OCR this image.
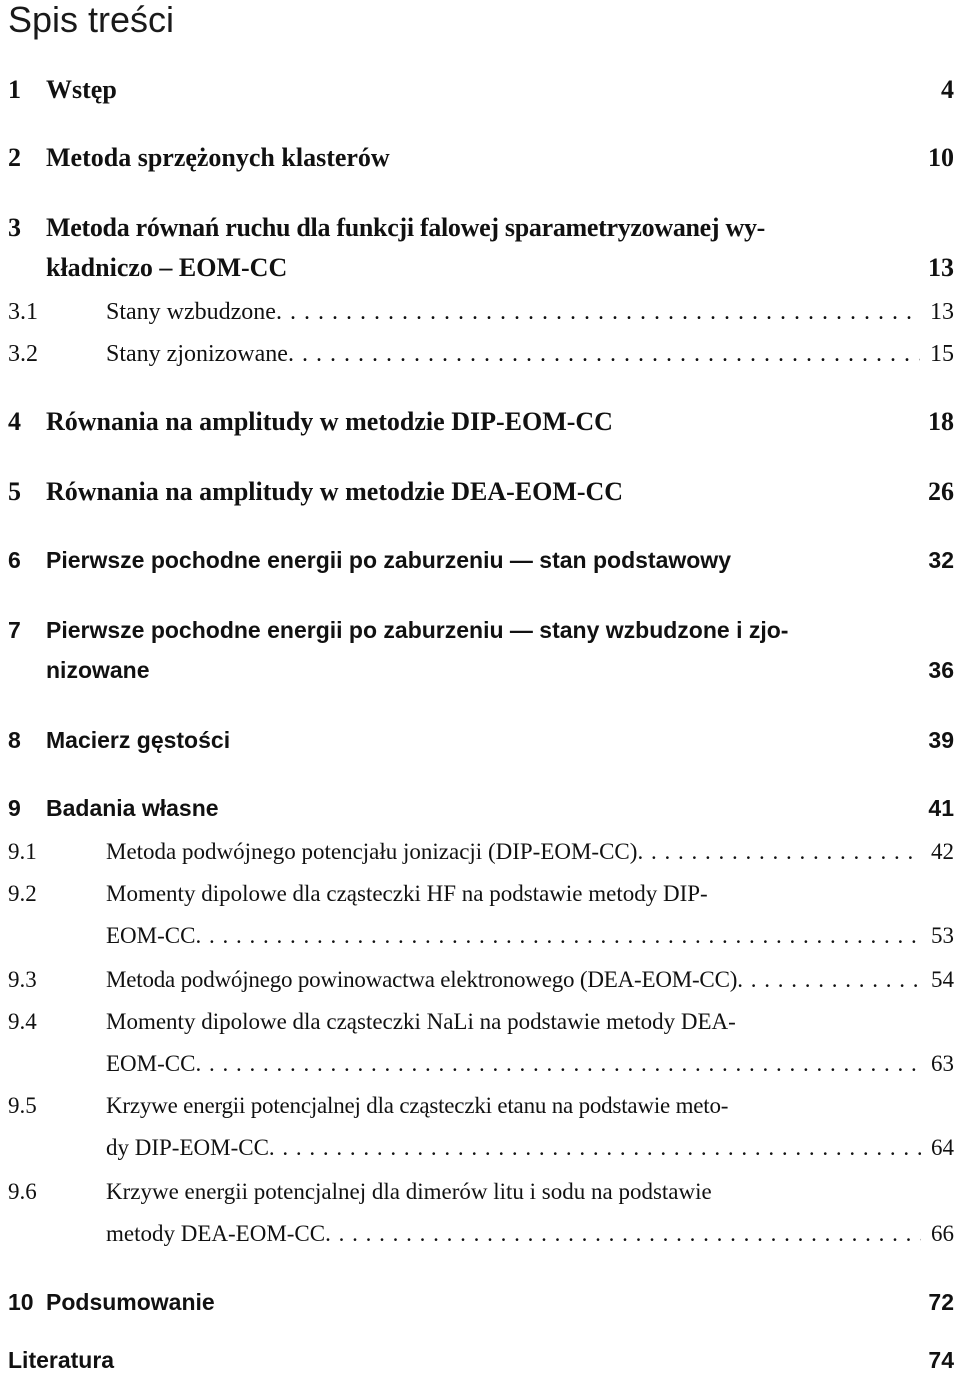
Spis treści
1 Wstęp	4
2 Metoda sprzężonych klasterów	10
3 Metoda równań ruchu dla funkcji falowej sparametryzowanej wy-
kładniczo – EOM-CC	13
3.1	Stany wzbudzone . . .	13
3.2	Stany zjonizowane . . .	15
4 Równania na amplitudy w metodzie DIP-EOM-CC	18
5 Równania na amplitudy w metodzie DEA-EOM-CC	26
6	Pierwsze pochodne energii po zaburzeniu — stan podstawowy	32
7	Pierwsze pochodne energii po zaburzeniu — stany wzbudzone i zjo-
nizowane	36
8	Macierz gęstości	39
9	Badania własne	41
9.1	Metoda podwójnego potencjału jonizacji (DIP-EOM-CC) . . .	42
9.2	Momenty dipolowe dla cząsteczki HF na podstawie metody DIP-
EOM-CC . . .	53
9.3	Metoda podwójnego powinowactwa elektronowego (DEA-EOM-CC) . . .	54
9.4	Momenty dipolowe dla cząsteczki NaLi na podstawie metody DEA-
EOM-CC . . .	63
9.5	Krzywe energii potencjalnej dla cząsteczki etanu na podstawie meto-
dy DIP-EOM-CC . . .	64
9.6	Krzywe energii potencjalnej dla dimerów litu i sodu na podstawie
metody DEA-EOM-CC . . .	66
10 Podsumowanie	72
Literatura	74
